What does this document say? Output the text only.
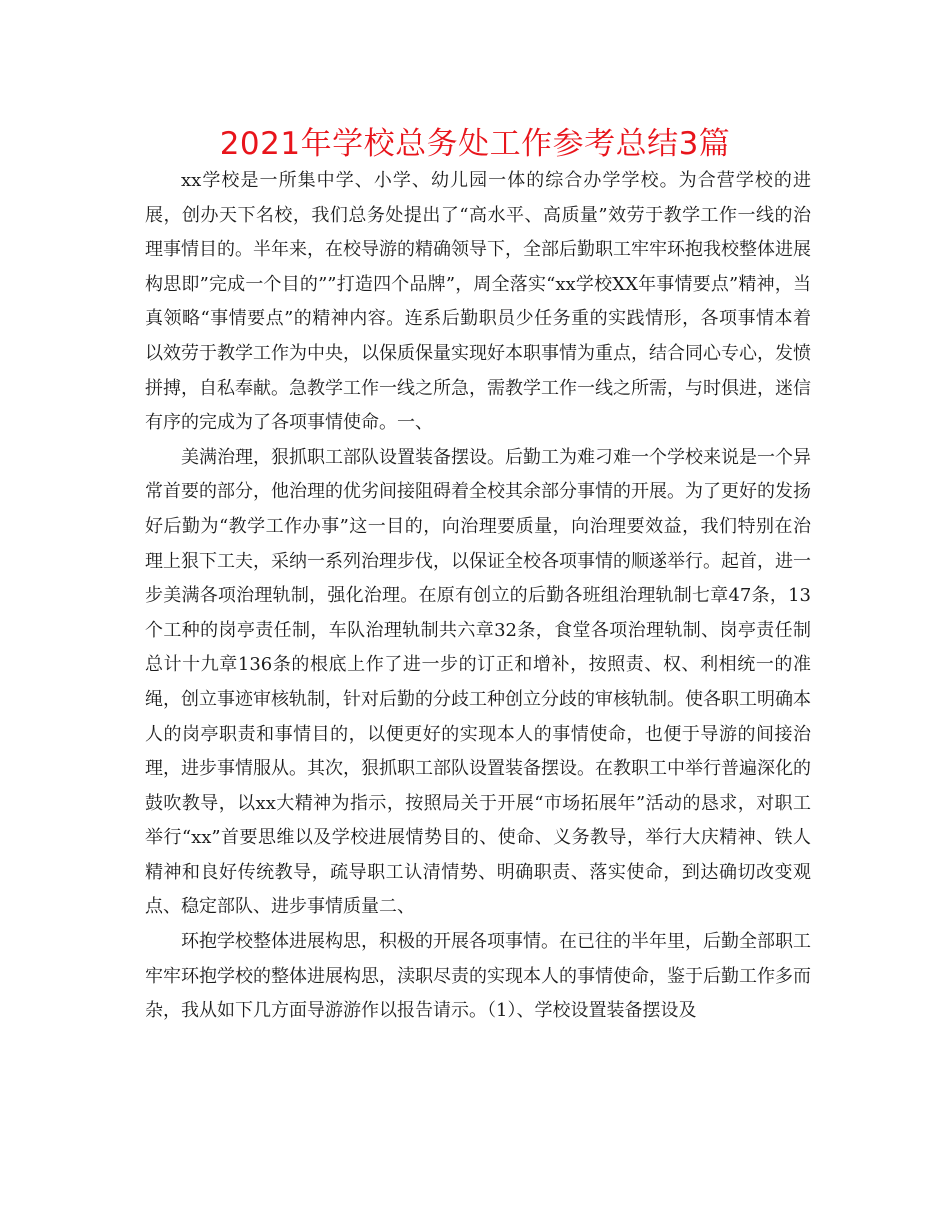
2021年学校总务处工作参考总结3篇

xx学校是一所集中学、小学、幼儿园一体的综合办学学校。为合营学校的进展，创办天下名校，我们总务处提出了“高水平、高质量”效劳于教学工作一线的治理事情目的。半年来，在校导游的精确领导下，全部后勤职工牢牢环抱我校整体进展构思即”完成一个目的””打造四个品牌”，周全落实“xx学校XX年事情要点”精神，当真领略“事情要点”的精神内容。连系后勤职员少任务重的实践情形，各项事情本着以效劳于教学工作为中央，以保质保量实现好本职事情为重点，结合同心专心，发愤拼搏，自私奉献。急教学工作一线之所急，需教学工作一线之所需，与时俱进，迷信有序的完成为了各项事情使命。一、

美满治理，狠抓职工部队设置装备摆设。后勤工为难刁难一个学校来说是一个异常首要的部分，他治理的优劣间接阻碍着全校其余部分事情的开展。为了更好的发扬好后勤为“教学工作办事”这一目的，向治理要质量，向治理要效益，我们特别在治理上狠下工夫，采纳一系列治理步伐，以保证全校各项事情的顺遂举行。起首，进一步美满各项治理轨制，强化治理。在原有创立的后勤各班组治理轨制七章47条，13个工种的岗亭责任制，车队治理轨制共六章32条，食堂各项治理轨制、岗亭责任制总计十九章136条的根底上作了进一步的订正和增补，按照责、权、利相统一的准绳，创立事迹审核轨制，针对后勤的分歧工种创立分歧的审核轨制。使各职工明确本人的岗亭职责和事情目的，以便更好的实现本人的事情使命，也便于导游的间接治理，进步事情服从。其次，狠抓职工部队设置装备摆设。在教职工中举行普遍深化的鼓吹教导，以xx大精神为指示，按照局关于开展“市场拓展年”活动的恳求，对职工举行“xx”首要思维以及学校进展情势目的、使命、义务教导，举行大庆精神、铁人精神和良好传统教导，疏导职工认清情势、明确职责、落实使命，到达确切改变观点、稳定部队、进步事情质量二、

环抱学校整体进展构思，积极的开展各项事情。在已往的半年里，后勤全部职工牢牢环抱学校的整体进展构思，渎职尽责的实现本人的事情使命，鉴于后勤工作多而杂，我从如下几方面导游游作以报告请示。（1）、学校设置装备摆设及
